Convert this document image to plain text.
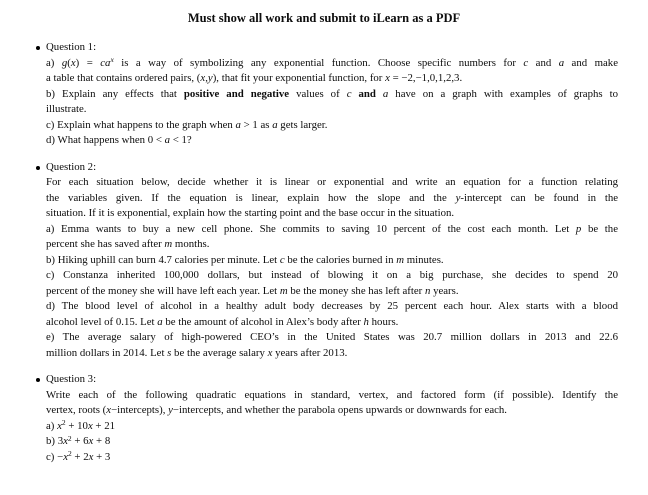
Must show all work and submit to iLearn as a PDF
Question 1:
a) $g(x) = ca^x$ is a way of symbolizing any exponential function. Choose specific numbers for c and a and make
a table that contains ordered pairs, (x,y), that fit your exponential function, for x = −2,−1,0,1,2,3.
b) Explain any effects that positive and negative values of c and a have on a graph with examples of graphs to
illustrate.
c) Explain what happens to the graph when a > 1 as a gets larger.
d) What happens when 0 < a < 1?
Question 2:
For each situation below, decide whether it is linear or exponential and write an equation for a function relating
the variables given. If the equation is linear, explain how the slope and the y-intercept can be found in the
situation. If it is exponential, explain how the starting point and the base occur in the situation.
a) Emma wants to buy a new cell phone. She commits to saving 10 percent of the cost each month. Let p be the
percent she has saved after m months.
b) Hiking uphill can burn 4.7 calories per minute. Let c be the calories burned in m minutes.
c) Constanza inherited 100,000 dollars, but instead of blowing it on a big purchase, she decides to spend 20
percent of the money she will have left each year. Let m be the money she has left after n years.
d) The blood level of alcohol in a healthy adult body decreases by 25 percent each hour. Alex starts with a blood
alcohol level of 0.15. Let a be the amount of alcohol in Alex’s body after h hours.
e) The average salary of high-powered CEO’s in the United States was 20.7 million dollars in 2013 and 22.6
million dollars in 2014. Let s be the average salary x years after 2013.
Question 3:
Write each of the following quadratic equations in standard, vertex, and factored form (if possible). Identify the
vertex, roots (x−intercepts), y−intercepts, and whether the parabola opens upwards or downwards for each.
a) $x^2 + 10x + 21$
b) $3x^2 + 6x + 8$
$c) -x^2 + 2x + 3$
